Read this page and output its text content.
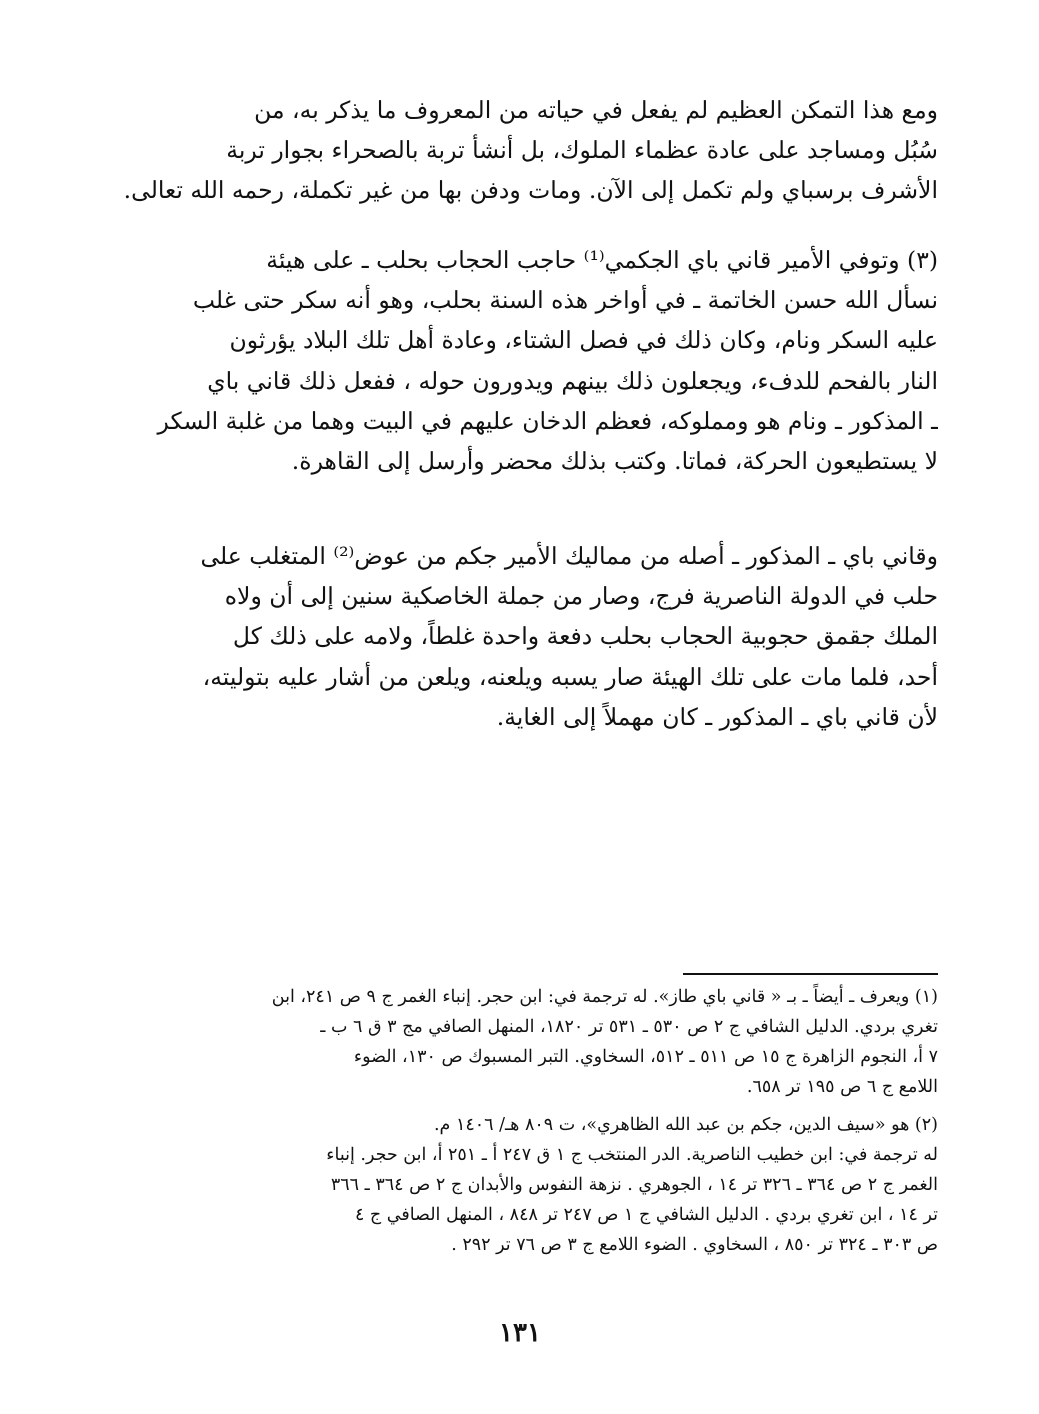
ومع هذا التمكن العظيم لم يفعل في حياته من المعروف ما يذكر به، من
سُبُل ومساجد على عادة عظماء الملوك، بل أنشأ تربة بالصحراء بجوار تربة
الأشرف برسباي ولم تكمل إلى الآن. ومات ودفن بها من غير تكملة، رحمه الله تعالى.
(٣) وتوفي الأمير قاني باي الجكمي⁽¹⁾ حاجب الحجاب بحلب ـ على هيئة
نسأل الله حسن الخاتمة ـ في أواخر هذه السنة بحلب، وهو أنه سكر حتى غلب
عليه السكر ونام، وكان ذلك في فصل الشتاء، وعادة أهل تلك البلاد يؤرثون
النار بالفحم للدفء، ويجعلون ذلك بينهم ويدورون حوله ، ففعل ذلك قاني باي
ـ المذكور ـ ونام هو ومملوكه، فعظم الدخان عليهم في البيت وهما من غلبة السكر
لا يستطيعون الحركة، فماتا. وكتب بذلك محضر وأرسل إلى القاهرة.
وقاني باي ـ المذكور ـ أصله من مماليك الأمير جكم من عوض⁽²⁾ المتغلب على
حلب في الدولة الناصرية فرج، وصار من جملة الخاصكية سنين إلى أن ولاه
الملك جقمق حجوبية الحجاب بحلب دفعة واحدة غلطاً، ولامه على ذلك كل
أحد، فلما مات على تلك الهيئة صار يسبه ويلعنه، ويلعن من أشار عليه بتوليته،
لأن قاني باي ـ المذكور ـ كان مهملاً إلى الغاية.
(١) ويعرف ـ أيضاً ـ بـ « قاني باي طاز». له ترجمة في: ابن حجر. إنباء الغمر ج ٩ ص ٢٤١، ابن
تغري بردي. الدليل الشافي ج ٢ ص ٥٣٠ ـ ٥٣١ تر ١٨٢٠، المنهل الصافي مج ٣ ق ٦ ب ـ
٧ أ، النجوم الزاهرة ج ١٥ ص ٥١١ ـ ٥١٢، السخاوي. التبر المسبوك ص ١٣٠، الضوء
اللامع ج ٦ ص ١٩٥ تر ٦٥٨.
(٢) هو «سيف الدين، جكم بن عبد الله الظاهري»، ت ٨٠٩ هـ/ ١٤٠٦ م.
له ترجمة في: ابن خطيب الناصرية. الدر المنتخب ج ١ ق ٢٤٧ أ ـ ٢٥١ أ، ابن حجر. إنباء
الغمر ج ٢ ص ٣٦٤ ـ ٣٢٦ تر ١٤ ، الجوهري . نزهة النفوس والأبدان ج ٢ ص ٣٦٤ ـ ٣٦٦
تر ١٤ ، ابن تغري بردي . الدليل الشافي ج ١ ص ٢٤٧ تر ٨٤٨ ، المنهل الصافي ج ٤
ص ٣٠٣ ـ ٣٢٤ تر ٨٥٠ ، السخاوي . الضوء اللامع ج ٣ ص ٧٦ تر ٢٩٢ .
١٣١
